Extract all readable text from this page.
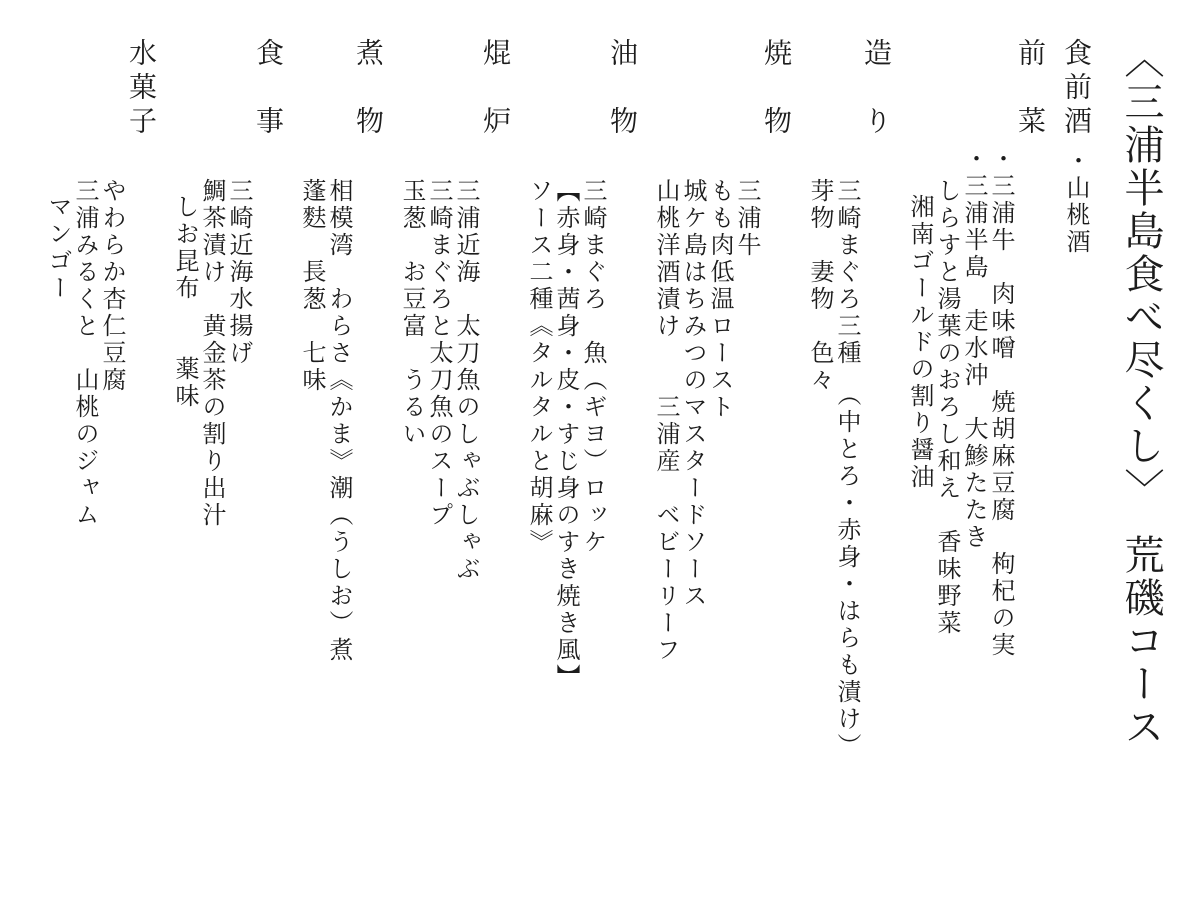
〈三浦半島食べ尽くし〉　荒磯コース
食
前
酒
・山桃酒
前
菜
・三浦牛　肉味噌　焼胡麻豆腐　枸杞の実
・三浦半島　走水沖　大鯵たたき
しらすと湯葉のおろし和え　香味野菜
湘南ゴールドの割り醤油
造
り
三崎まぐろ三種　（中とろ・赤身・はらも漬け）
芽物　妻物　色々
焼
物
三浦牛
もも肉低温ロースト
城ケ島はちみつのマスタードソース
山桃洋酒漬け　　三浦産　ベビーリーフ
油
物
三崎まぐろ　魚（ギヨ）ロッケ
【赤身・茜身・皮・すじ身のすき焼き風】
ソース二種《タルタルと胡麻》
焜
炉
三浦近海　太刀魚のしゃぶしゃぶ
三崎まぐろと太刀魚のスープ
玉葱　お豆富　うるい
煮
物
相模湾　わらさ《かま》潮（うしお）煮
蓬麩　長葱　七味
食
事
三崎近海水揚げ
鯛茶漬け　黄金茶の割り出汁
しお昆布　　薬味
水
菓
子
やわらか杏仁豆腐
三浦みるくと　山桃のジャム
マンゴー
